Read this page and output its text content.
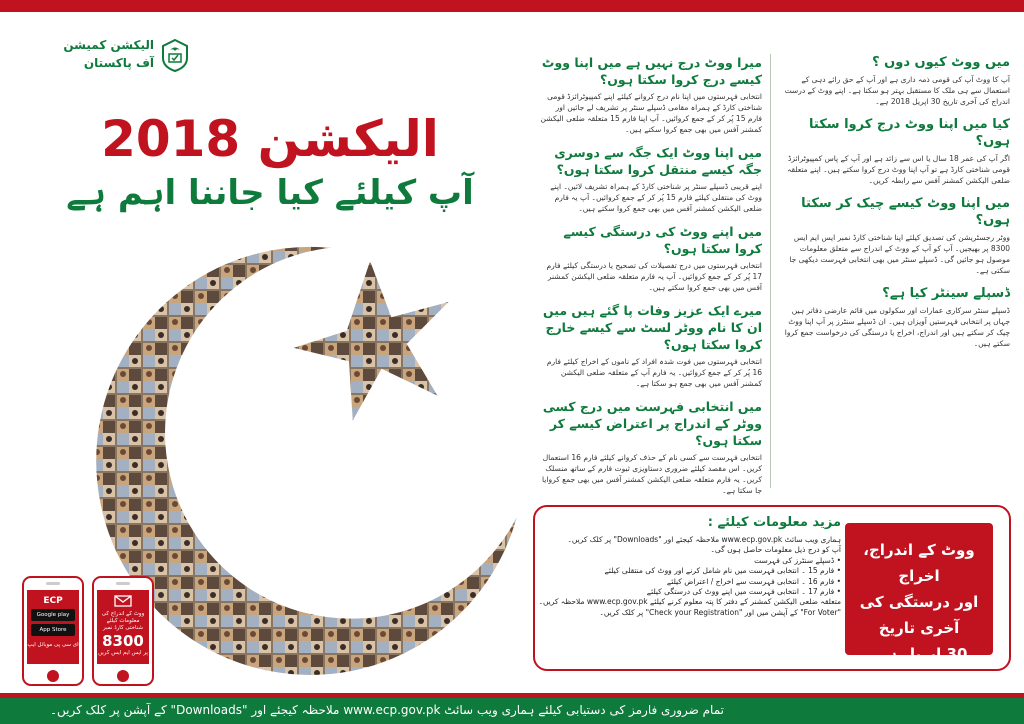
الیکشن کمیشن
آف پاکستان
الیکشن 2018
آپ کیلئے کیا جاننا اہم ہے
میں ووٹ کیوں دوں ؟
آپ کا ووٹ آپ کی قومی ذمہ داری ہے اور آپ کے حق رائے دہی کے استعمال سے ہی ملک کا مستقبل بہتر ہو سکتا ہے۔ اپنے ووٹ کے درست اندراج کی آخری تاریخ 30 اپریل 2018 ہے۔
کیا میں اپنا ووٹ درج کروا سکتا ہوں؟
اگر آپ کی عمر 18 سال یا اس سے زائد ہے اور آپ کے پاس کمپیوٹرائزڈ قومی شناختی کارڈ ہے تو آپ اپنا ووٹ درج کروا سکتے ہیں۔ اپنے متعلقہ ضلعی الیکشن کمشنر آفس سے رابطہ کریں۔
میں اپنا ووٹ کیسے چیک کر سکتا ہوں؟
ووٹر رجسٹریشن کی تصدیق کیلئے اپنا شناختی کارڈ نمبر ایس ایم ایس 8300 پر بھیجیں۔ آپ کو آپ کے ووٹ کے اندراج سے متعلق معلومات موصول ہو جائیں گی۔ ڈسپلے سنٹر میں بھی انتخابی فہرست دیکھی جا سکتی ہے۔
ڈسپلے سینٹر کیا ہے؟
ڈسپلے سنٹر سرکاری عمارات اور سکولوں میں قائم عارضی دفاتر ہیں جہاں پر انتخابی فہرستیں آویزاں ہیں۔ ان ڈسپلے سنٹرز پر آپ اپنا ووٹ چیک کر سکتے ہیں اور اندراج، اخراج یا درستگی کی درخواست جمع کروا سکتے ہیں۔
میرا ووٹ درج نہیں ہے میں اپنا ووٹ کیسے درج کروا سکتا ہوں؟
انتخابی فہرستوں میں اپنا نام درج کروانے کیلئے اپنے کمپیوٹرائزڈ قومی شناختی کارڈ کے ہمراہ مقامی ڈسپلے سنٹر پر تشریف لے جائیں اور فارم 15 پُر کر کے جمع کروائیں۔ آپ اپنا فارم 15 متعلقہ ضلعی الیکشن کمشنر آفس میں بھی جمع کروا سکتے ہیں۔
میں اپنا ووٹ ایک جگہ سے دوسری جگہ کیسے منتقل کروا سکتا ہوں؟
اپنے قریبی ڈسپلے سنٹر پر شناختی کارڈ کے ہمراہ تشریف لائیں۔ اپنے ووٹ کی منتقلی کیلئے فارم 15 پُر کر کے جمع کروائیں۔ آپ یہ فارم ضلعی الیکشن کمشنر آفس میں بھی جمع کروا سکتے ہیں۔
میں اپنے ووٹ کی درستگی کیسے کروا سکتا ہوں؟
انتخابی فہرستوں میں درج تفصیلات کی تصحیح یا درستگی کیلئے فارم 17 پُر کر کے جمع کروائیں۔ آپ یہ فارم متعلقہ ضلعی الیکشن کمشنر آفس میں بھی جمع کروا سکتے ہیں۔
میرے ایک عزیز وفات پا گئے ہیں میں ان کا نام ووٹر لسٹ سے کیسے خارج کروا سکتا ہوں؟
انتخابی فہرستوں میں فوت شدہ افراد کے ناموں کے اخراج کیلئے فارم 16 پُر کر کے جمع کروائیں۔ یہ فارم آپ کے متعلقہ ضلعی الیکشن کمشنر آفس میں بھی جمع ہو سکتا ہے۔
میں انتخابی فہرست میں درج کسی ووٹر کے اندراج پر اعتراض کیسے کر سکتا ہوں؟
انتخابی فہرست سے کسی نام کے حذف کروانے کیلئے فارم 16 استعمال کریں۔ اس مقصد کیلئے ضروری دستاویزی ثبوت فارم کے ساتھ منسلک کریں۔ یہ فارم متعلقہ ضلعی الیکشن کمشنر آفس میں بھی جمع کروایا جا سکتا ہے۔
مزید معلومات کیلئے :
ہماری ویب سائٹ www.ecp.gov.pk ملاحظہ کیجئے اور "Downloads" پر کلک کریں۔
آپ کو درج ذیل معلومات حاصل ہوں گی۔
• ڈسپلے سنٹرز کی فہرست
• فارم 15 ۔ انتخابی فہرست میں نام شامل کرنے اور ووٹ کی منتقلی کیلئے
• فارم 16 ۔ انتخابی فہرست سے اخراج / اعتراض کیلئے
• فارم 17 ۔ انتخابی فہرست میں اپنے ووٹ کی درستگی کیلئے
متعلقہ ضلعی الیکشن کمشنر کے دفتر کا پتہ معلوم کرنے کیلئے www.ecp.gov.pk ملاحظہ کریں۔
"For Voter" کے آپشن میں اور "Check your Registration" پر کلک کریں۔
ووٹ کے اندراج، اخراج
اور درستگی کی آخری تاریخ
30 اپریل ہے۔
ECP
Google play
App Store
ای سی پی موبائل ایپ
ووٹ کے اندراج کی معلومات کیلئے شناختی کارڈ نمبر
8300
پر ایس ایم ایس کریں
تمام ضروری فارمز کی دستیابی کیلئے ہماری ویب سائٹ www.ecp.gov.pk ملاحظہ کیجئے اور "Downloads" کے آپشن پر کلک کریں۔
